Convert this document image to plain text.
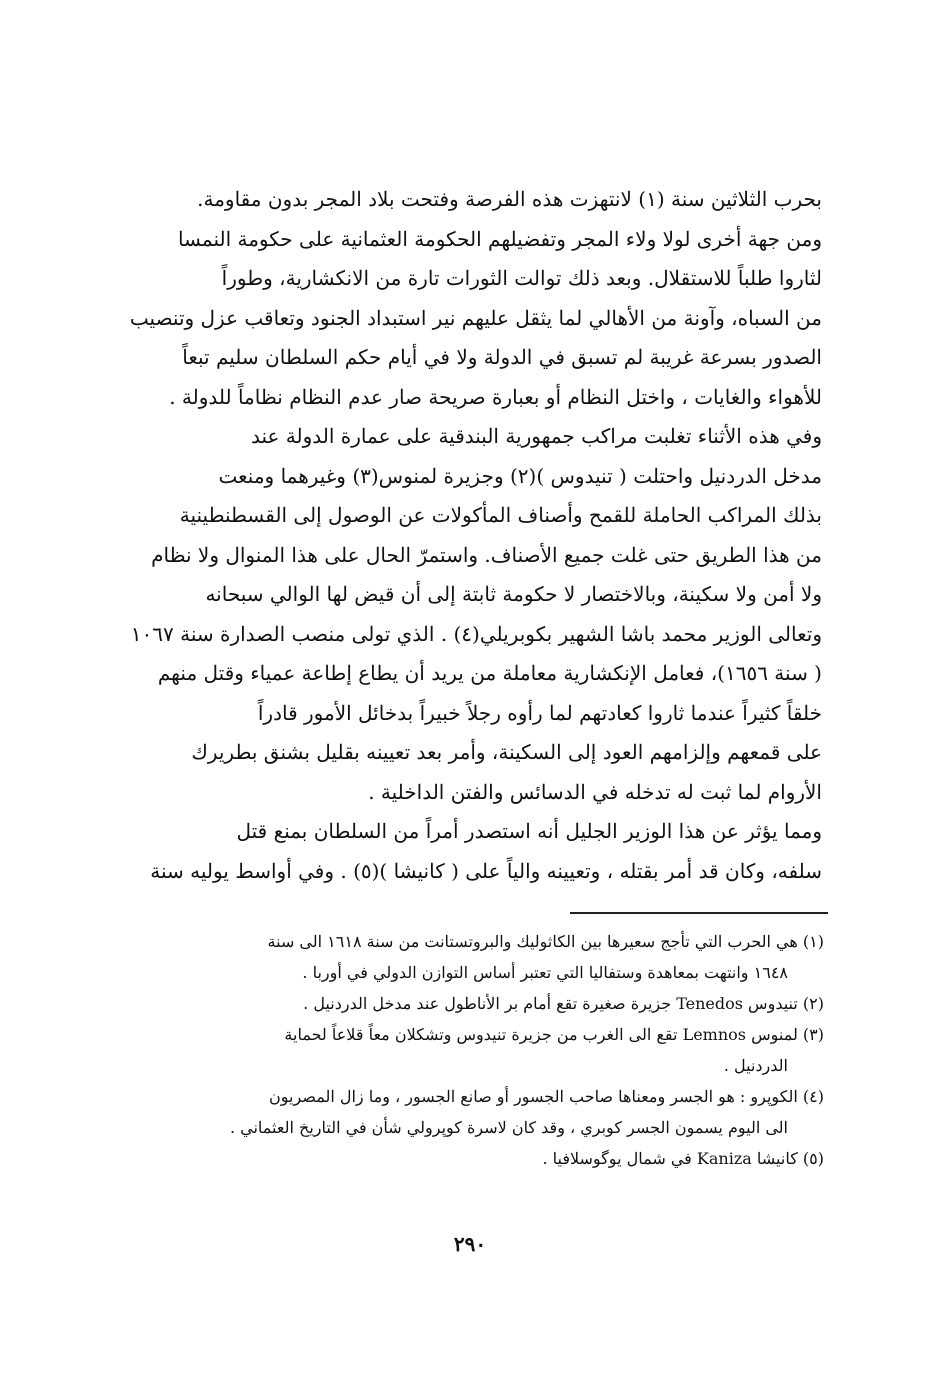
بحرب الثلاثين سنة (١) لانتهزت هذه الفرصة وفتحت بلاد المجر بدون مقاومة.
ومن جهة أخرى لولا ولاء المجر وتفضيلهم الحكومة العثمانية على حكومة النمسا
لثاروا طلباً للاستقلال. وبعد ذلك توالت الثورات تارة من الانكشارية، وطوراً
من السباه، وآونة من الأهالي لما يثقل عليهم نير استبداد الجنود وتعاقب عزل وتنصيب
الصدور بسرعة غريبة لم تسبق في الدولة ولا في أيام حكم السلطان سليم تبعاً
للأهواء والغايات ، واختل النظام أو بعبارة صريحة صار عدم النظام نظاماً للدولة .
وفي هذه الأثناء تغلبت مراكب جمهورية البندقية على عمارة الدولة عند
مدخل الدردنيل واحتلت ( تنيدوس )(٢) وجزيرة لمنوس(٣) وغيرهما ومنعت
بذلك المراكب الحاملة للقمح وأصناف المأكولات عن الوصول إلى القسطنطينية
من هذا الطريق حتى غلت جميع الأصناف. واستمرّ الحال على هذا المنوال ولا نظام
ولا أمن ولا سكينة، وبالاختصار لا حكومة ثابتة إلى أن قيض لها الوالي سبحانه
وتعالى الوزير محمد باشا الشهير بكوبريلي(٤) . الذي تولى منصب الصدارة سنة ١٠٦٧
( سنة ١٦٥٦)، فعامل الإنكشارية معاملة من يريد أن يطاع إطاعة عمياء وقتل منهم
خلقاً كثيراً عندما ثاروا كعادتهم لما رأوه رجلاً خبيراً بدخائل الأمور قادراً
على قمعهم وإلزامهم العود إلى السكينة، وأمر بعد تعيينه بقليل بشنق بطريرك
الأروام لما ثبت له تدخله في الدسائس والفتن الداخلية .
ومما يؤثر عن هذا الوزير الجليل أنه استصدر أمراً من السلطان بمنع قتل
سلفه، وكان قد أمر بقتله ، وتعيينه والياً على ( كانيشا )(٥) . وفي أواسط يوليه سنة
(١) هي الحرب التي تأجج سعيرها بين الكاثوليك والبروتستانت من سنة ١٦١٨ الى سنة
١٦٤٨ وانتهت بمعاهدة وستفاليا التي تعتبر أساس التوازن الدولي في أوربا .
(٢) تنيدوس Tenedos جزيرة صغيرة تقع أمام بر الأناطول عند مدخل الدردنيل .
(٣) لمنوس Lemnos تقع الى الغرب من جزيرة تنيدوس وتشكلان معاً قلاعاً لحماية
الدردنيل .
(٤) الكوپرو : هو الجسر ومعناها صاحب الجسور أو صانع الجسور ، وما زال المصريون
الى اليوم يسمون الجسر كوبري ، وقد كان لاسرة كوپرولي شأن في التاريخ العثماني .
(٥) كانيشا Kaniza في شمال يوگوسلافيا .
٢٩٠
